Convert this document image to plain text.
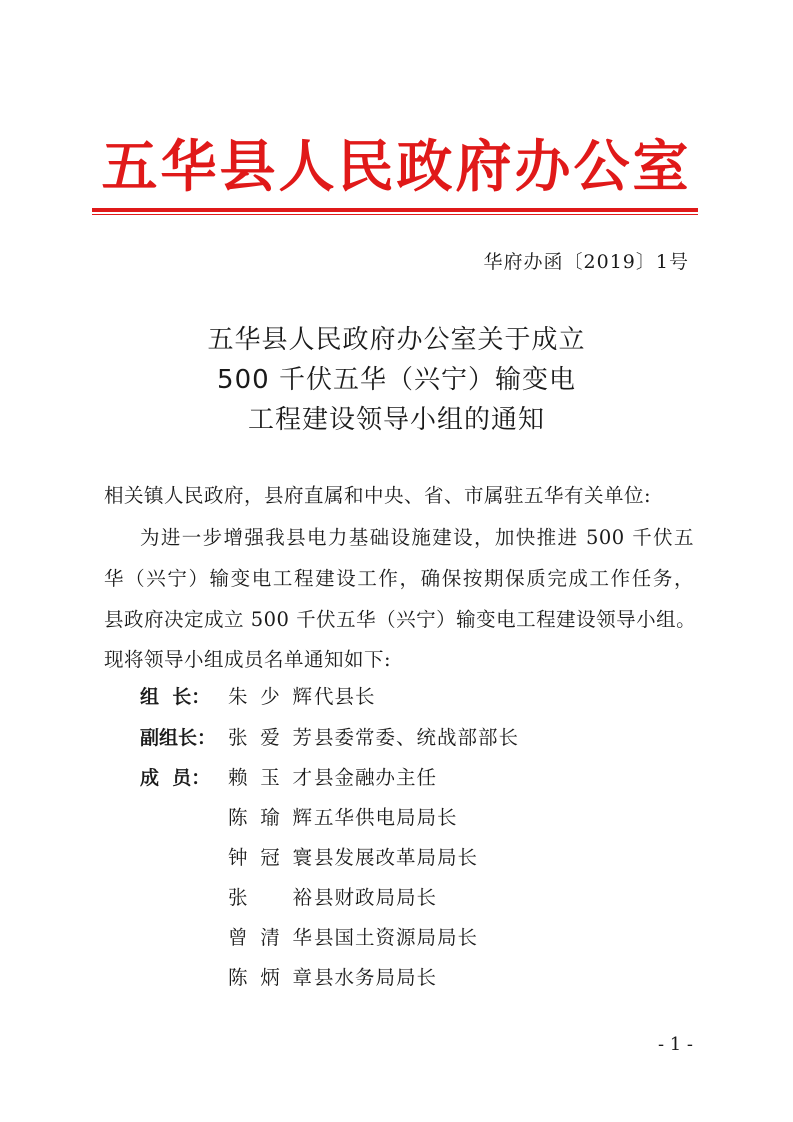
五华县人民政府办公室
华府办函〔2019〕1号
五华县人民政府办公室关于成立
500 千伏五华（兴宁）输变电
工程建设领导小组的通知
相关镇人民政府，县府直属和中央、省、市属驻五华有关单位:
为进一步增强我县电力基础设施建设，加快推进 500 千伏五
华（兴宁）输变电工程建设工作，确保按期保质完成工作任务，
县政府决定成立 500 千伏五华（兴宁）输变电工程建设领导小组。
现将领导小组成员名单通知如下:
组  长： 朱少辉 代县长
副组长： 张爱芳 县委常委、统战部部长
成  员： 赖玉才 县金融办主任
陈瑜辉 五华供电局局长
钟冠寰 县发展改革局局长
张裕 县财政局局长
曾清华 县国土资源局局长
陈炳章 县水务局局长
- 1 -
